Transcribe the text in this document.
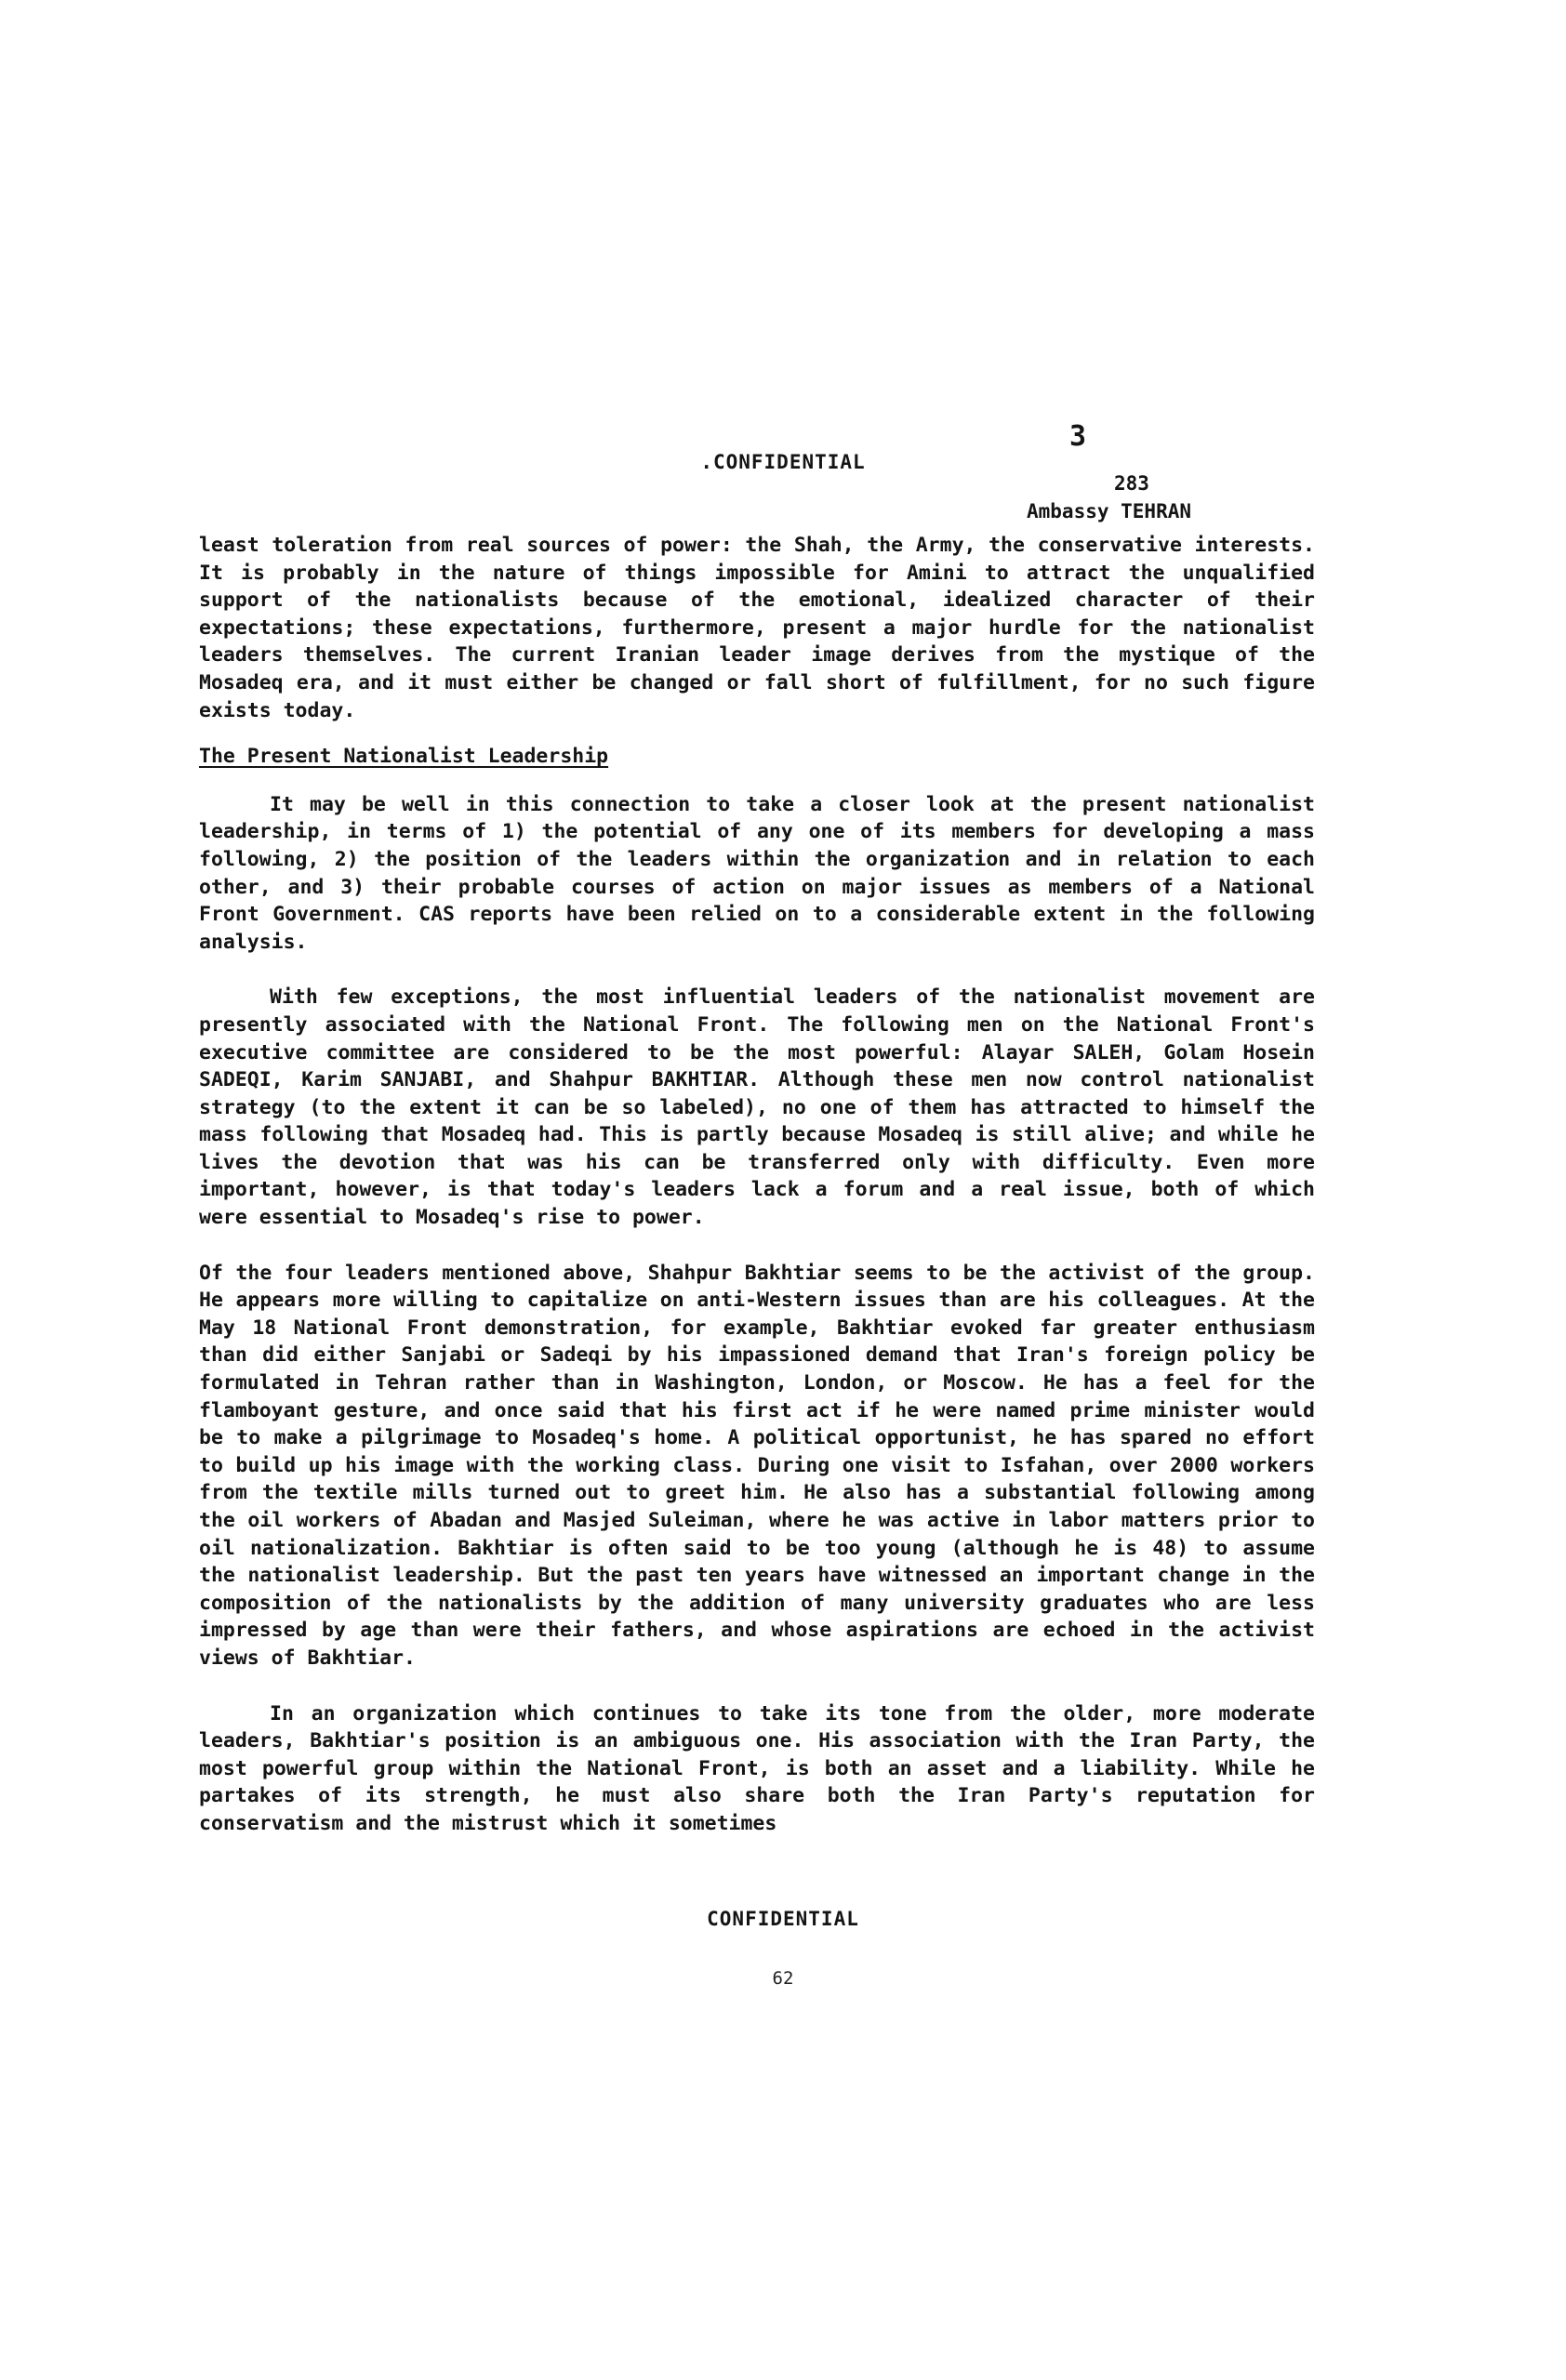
3
.CONFIDENTIAL
283
Ambassy TEHRAN

least toleration from real sources of power: the Shah, the Army, the conservative interests. It is probably in the nature of things impossible for Amini to attract the unqualified support of the nationalists because of the emotional, idealized character of their expectations; these expectations, furthermore, present a major hurdle for the nationalist leaders themselves. The current Iranian leader image derives from the mystique of the Mosadeq era, and it must either be changed or fall short of fulfillment, for no such figure exists today.

The Present Nationalist Leadership

It may be well in this connection to take a closer look at the present nationalist leadership, in terms of 1) the potential of any one of its members for developing a mass following, 2) the position of the leaders within the organization and in relation to each other, and 3) their probable courses of action on major issues as members of a National Front Government. CAS reports have been relied on to a considerable extent in the following analysis.

With few exceptions, the most influential leaders of the nationalist movement are presently associated with the National Front. The following men on the National Front's executive committee are considered to be the most powerful: Alayar SALEH, Golam Hosein SADEQI, Karim SANJABI, and Shahpur BAKHTIAR. Although these men now control nationalist strategy (to the extent it can be so labeled), no one of them has attracted to himself the mass following that Mosadeq had. This is partly because Mosadeq is still alive; and while he lives the devotion that was his can be transferred only with difficulty. Even more important, however, is that today's leaders lack a forum and a real issue, both of which were essential to Mosadeq's rise to power.

Of the four leaders mentioned above, Shahpur Bakhtiar seems to be the activist of the group. He appears more willing to capitalize on anti-Western issues than are his colleagues. At the May 18 National Front demonstration, for example, Bakhtiar evoked far greater enthusiasm than did either Sanjabi or Sadeqi by his impassioned demand that Iran's foreign policy be formulated in Tehran rather than in Washington, London, or Moscow. He has a feel for the flamboyant gesture, and once said that his first act if he were named prime minister would be to make a pilgrimage to Mosadeq's home. A political opportunist, he has spared no effort to build up his image with the working class. During one visit to Isfahan, over 2000 workers from the textile mills turned out to greet him. He also has a substantial following among the oil workers of Abadan and Masjed Suleiman, where he was active in labor matters prior to oil nationalization. Bakhtiar is often said to be too young (although he is 48) to assume the nationalist leadership. But the past ten years have witnessed an important change in the composition of the nationalists by the addition of many university graduates who are less impressed by age than were their fathers, and whose aspirations are echoed in the activist views of Bakhtiar.

In an organization which continues to take its tone from the older, more moderate leaders, Bakhtiar's position is an ambiguous one. His association with the Iran Party, the most powerful group within the National Front, is both an asset and a liability. While he partakes of its strength, he must also share both the Iran Party's reputation for conservatism and the mistrust which it sometimes

CONFIDENTIAL
62
